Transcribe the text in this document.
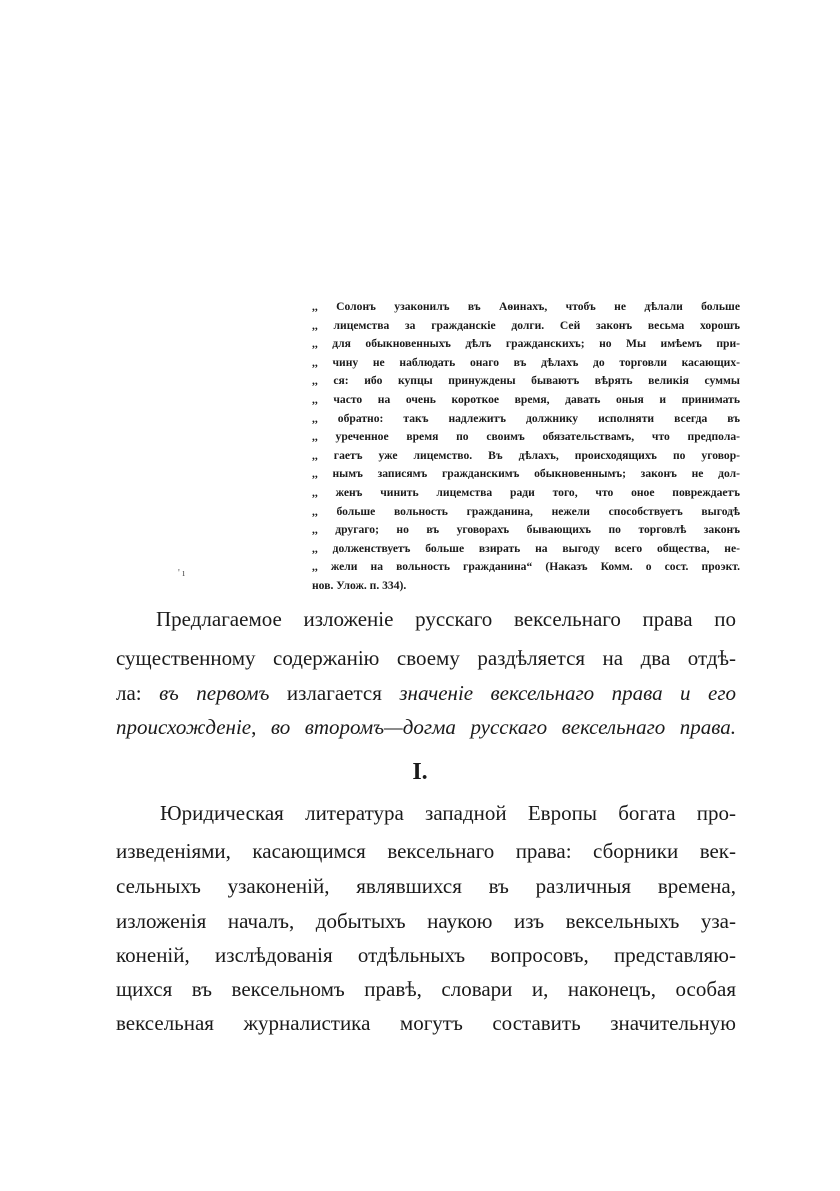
' ı
,, Солонъ узаконилъ въ Аѳинахъ, чтобъ не дѣлали больше
,, лицемства за гражданскіе долги. Сей законъ весьма хорошъ
,, для обыкновенныхъ дѣлъ гражданскихъ; но Мы имѣемъ при-
,, чину не наблюдать онаго въ дѣлахъ до торговли касающих-
,, ся: ибо купцы принуждены бываютъ вѣрять великія суммы
,, часто на очень короткое время, давать оныя и принимать
,, обратно: такъ надлежитъ должнику исполняти всегда въ
,, уреченное время по своимъ обязательствамъ, что предпола-
,, гаетъ уже лицемство. Въ дѣлахъ, происходящихъ по уговор-
,, нымъ записямъ гражданскимъ обыкновеннымъ; законъ не дол-
,, женъ чинить лицемства ради того, что оное повреждаетъ
,, больше вольность гражданина, нежели способствуетъ выгодѣ
,, другаго; но въ уговорахъ бывающихъ по торговлѣ законъ
,, долженствуетъ больше взирать на выгоду всего общества, не-
,, жели на вольность гражданина“ (Наказъ Комм. о сост. проэкт.
нов. Улож. п. 334).
Предлагаемое изложеніе русскаго вексельнаго права по
существенному содержанію своему раздѣляется на два отдѣ-
ла: въ первомъ излагается значеніе вексельнаго права и его
происхожденіе, во второмъ—догма русскаго вексельнаго права.
I.
Юридическая литература западной Европы богата про-
изведеніями, касающимся вексельнаго права: сборники век-
сельныхъ узаконеній, являвшихся въ различныя времена,
изложенія началъ, добытыхъ наукою изъ вексельныхъ уза-
коненій, изслѣдованія отдѣльныхъ вопросовъ, представляю-
щихся въ вексельномъ правѣ, словари и, наконецъ, особая
вексельная журналистика могутъ составить значительную
